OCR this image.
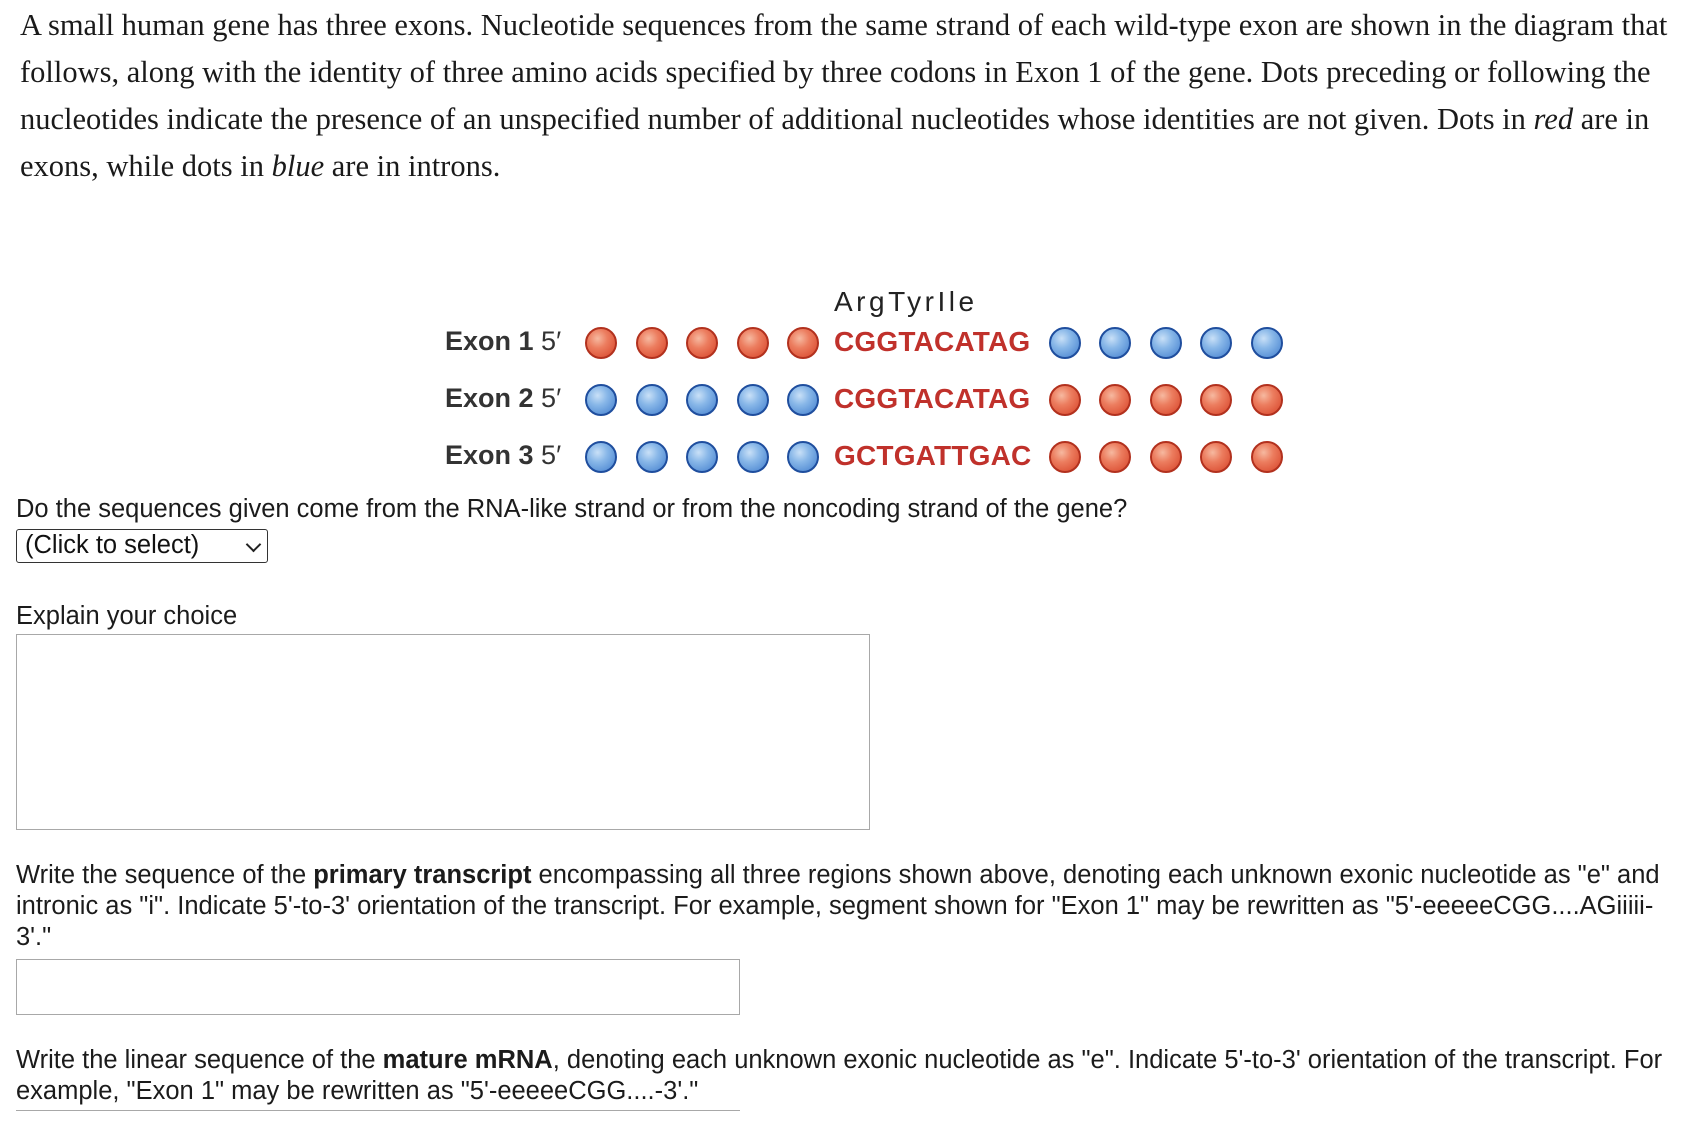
A small human gene has three exons. Nucleotide sequences from the same strand of each wild-type exon are shown in the diagram that follows, along with the identity of three amino acids specified by three codons in Exon 1 of the gene. Dots preceding or following the nucleotides indicate the presence of an unspecified number of additional nucleotides whose identities are not given. Dots in red are in exons, while dots in blue are in introns.
ArgTyrIle
Exon 1 5′
Exon 2 5′
Exon 3 5′
CGGTACATAG
CGGTACATAG
GCTGATTGAC
Do the sequences given come from the RNA-like strand or from the noncoding strand of the gene?
(Click to select)
Explain your choice
Write the sequence of the primary transcript encompassing all three regions shown above, denoting each unknown exonic nucleotide as "e" and intronic as "i". Indicate 5'-to-3' orientation of the transcript. For example, segment shown for "Exon 1" may be rewritten as "5'-eeeeeCGG....AGiiiii-3'."
Write the linear sequence of the mature mRNA, denoting each unknown exonic nucleotide as "e". Indicate 5'-to-3' orientation of the transcript. For example, "Exon 1" may be rewritten as "5'-eeeeeCGG....-3'."
